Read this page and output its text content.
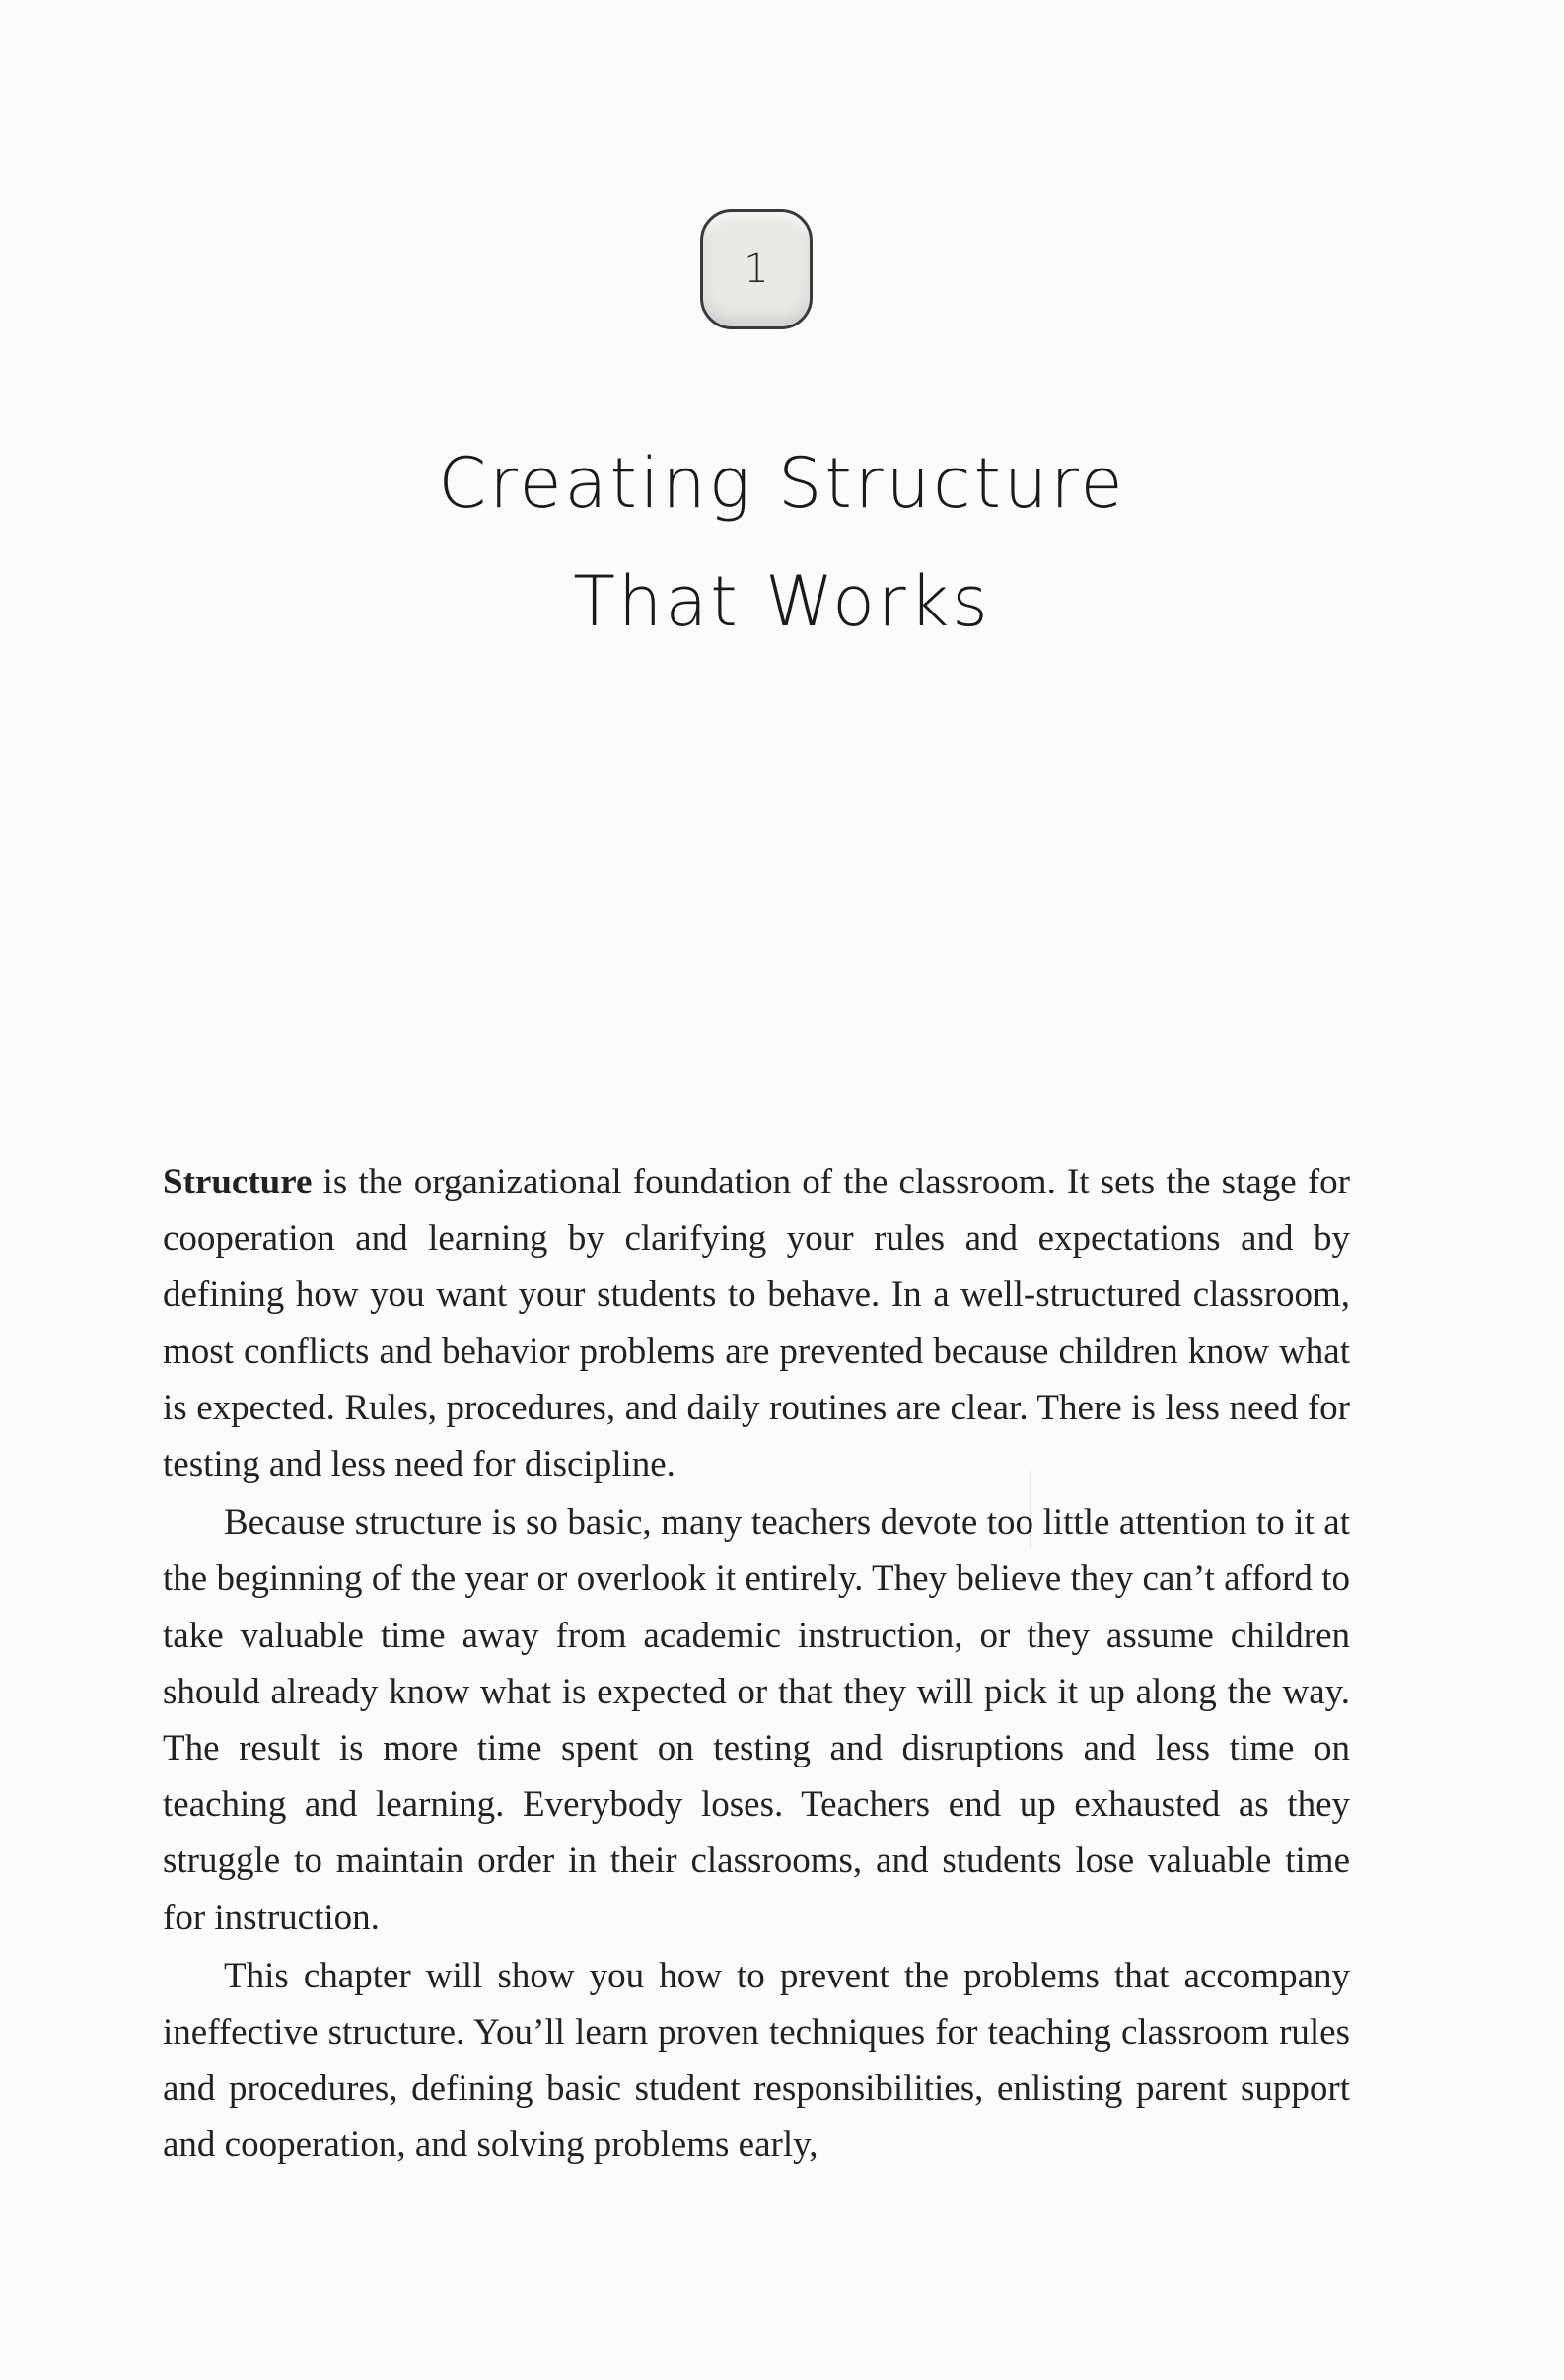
1
Creating Structure
That Works

Structure is the organizational foundation of the classroom. It sets the stage for cooperation and learning by clarifying your rules and expectations and by defining how you want your students to behave. In a well-structured classroom, most conflicts and behavior problems are prevented because children know what is expected. Rules, procedures, and daily routines are clear. There is less need for testing and less need for discipline.

Because structure is so basic, many teachers devote too little attention to it at the beginning of the year or overlook it entirely. They believe they can’t afford to take valuable time away from academic instruction, or they assume children should already know what is expected or that they will pick it up along the way. The result is more time spent on testing and disruptions and less time on teaching and learning. Everybody loses. Teachers end up exhausted as they struggle to maintain order in their classrooms, and students lose valuable time for instruction.

This chapter will show you how to prevent the problems that accompany ineffective structure. You’ll learn proven techniques for teaching classroom rules and procedures, defining basic student responsibilities, enlisting parent support and cooperation, and solving problems early,
